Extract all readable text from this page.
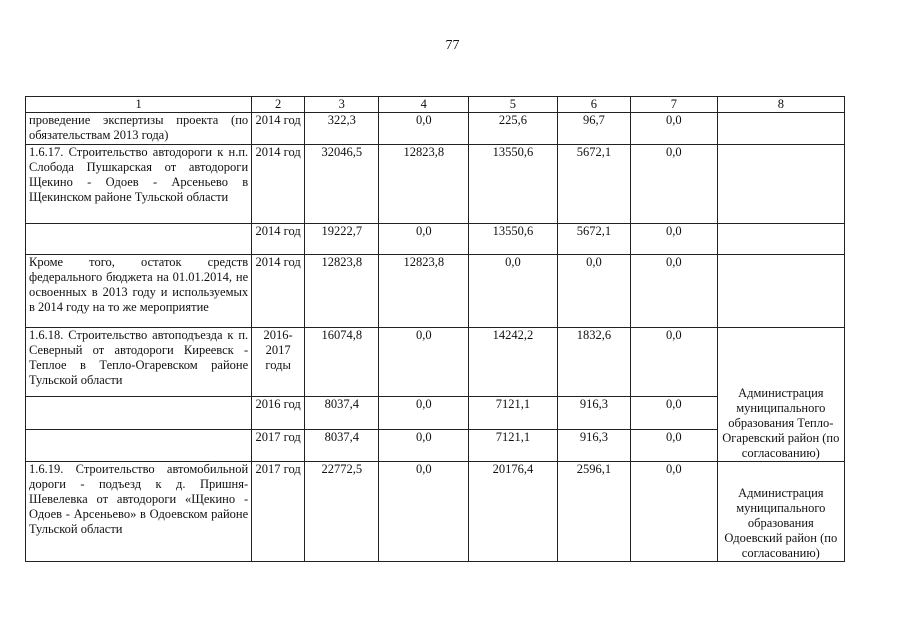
77
1	2	3	4	5	6	7	8
проведение экспертизы проекта (по обязательствам 2013 года)	2014 год	322,3	0,0	225,6	96,7	0,0	
1.6.17. Строительство автодороги к н.п. Слобода Пушкарская от автодороги Щекино - Одоев - Арсеньево в Щекинском районе Тульской области	2014 год	32046,5	12823,8	13550,6	5672,1	0,0	
	2014 год	19222,7	0,0	13550,6	5672,1	0,0	
Кроме того, остаток средств федерального бюджета на 01.01.2014, не освоенных в 2013 году и используемых в 2014 году на то же мероприятие	2014 год	12823,8	12823,8	0,0	0,0	0,0	
1.6.18. Строительство автоподъезда к п. Северный от автодороги Киреевск - Теплое в Тепло-Огаревском районе Тульской области	2016-2017 годы	16074,8	0,0	14242,2	1832,6	0,0	Администрация муниципального образования Тепло-Огаревский район (по согласованию)
	2016 год	8037,4	0,0	7121,1	916,3	0,0	
	2017 год	8037,4	0,0	7121,1	916,3	0,0	
1.6.19. Строительство автомобильной дороги - подъезд к д. Пришня-Шевелевка от автодороги «Щекино - Одоев - Арсеньево» в Одоевском районе Тульской области	2017 год	22772,5	0,0	20176,4	2596,1	0,0	Администрация муниципального образования Одоевский район (по согласованию)
